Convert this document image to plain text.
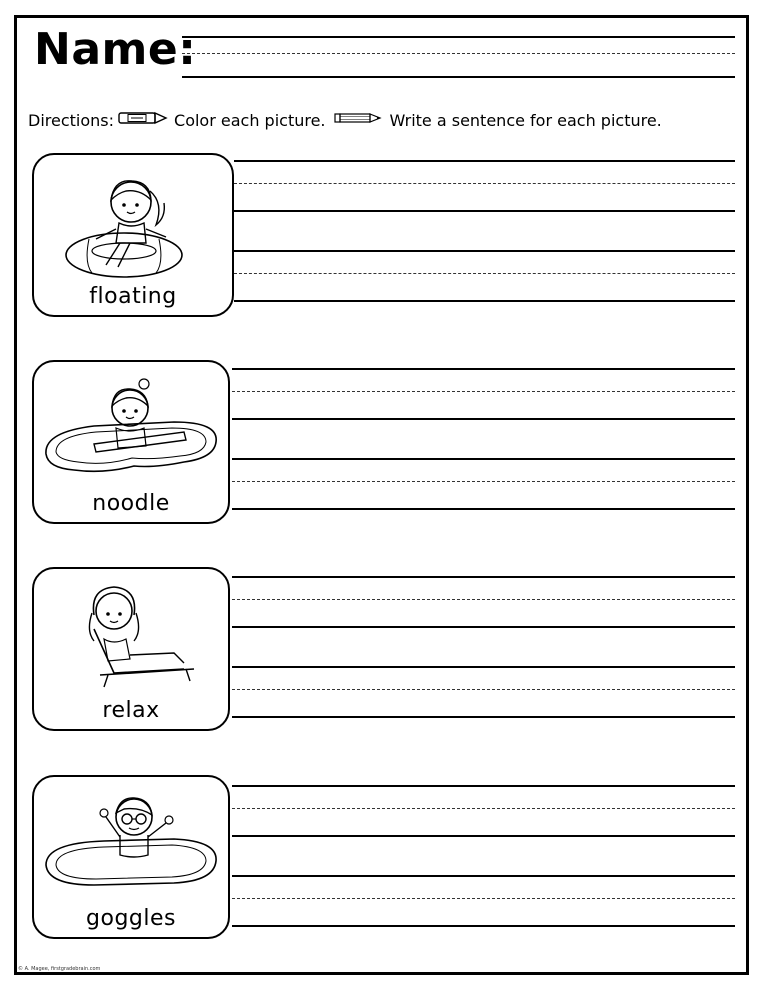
Name:
Directions:	Color each picture.	Write a sentence for each picture.
floating
noodle
relax
goggles
© A. Magee, firstgradebrain.com
